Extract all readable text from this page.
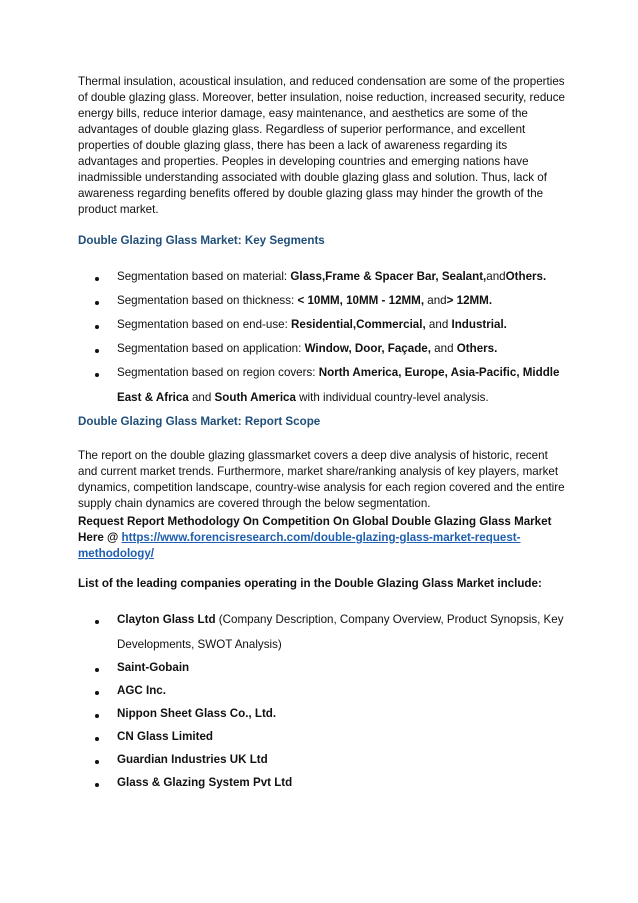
Thermal insulation, acoustical insulation, and reduced condensation are some of the properties of double glazing glass. Moreover, better insulation, noise reduction, increased security, reduce energy bills, reduce interior damage, easy maintenance, and aesthetics are some of the advantages of double glazing glass. Regardless of superior performance, and excellent properties of double glazing glass, there has been a lack of awareness regarding its advantages and properties. Peoples in developing countries and emerging nations have inadmissible understanding associated with double glazing glass and solution. Thus, lack of awareness regarding benefits offered by double glazing glass may hinder the growth of the product market.

Double Glazing Glass Market: Key Segments

Segmentation based on material: Glass,Frame & Spacer Bar, Sealant,andOthers.
Segmentation based on thickness: < 10MM, 10MM - 12MM, and> 12MM.
Segmentation based on end-use: Residential,Commercial, and Industrial.
Segmentation based on application: Window, Door, Façade, and Others.
Segmentation based on region covers: North America, Europe, Asia-Pacific, Middle
East & Africa and South America with individual country-level analysis.

Double Glazing Glass Market: Report Scope

The report on the double glazing glassmarket covers a deep dive analysis of historic, recent and current market trends. Furthermore, market share/ranking analysis of key players, market dynamics, competition landscape, country-wise analysis for each region covered and the entire supply chain dynamics are covered through the below segmentation.

Request Report Methodology On Competition On Global Double Glazing Glass Market
Here @ https://www.forencisresearch.com/double-glazing-glass-market-request-
methodology/

List of the leading companies operating in the Double Glazing Glass Market include:

Clayton Glass Ltd (Company Description, Company Overview, Product Synopsis, Key
Developments, SWOT Analysis)
Saint-Gobain
AGC Inc.
Nippon Sheet Glass Co., Ltd.
CN Glass Limited
Guardian Industries UK Ltd
Glass & Glazing System Pvt Ltd
